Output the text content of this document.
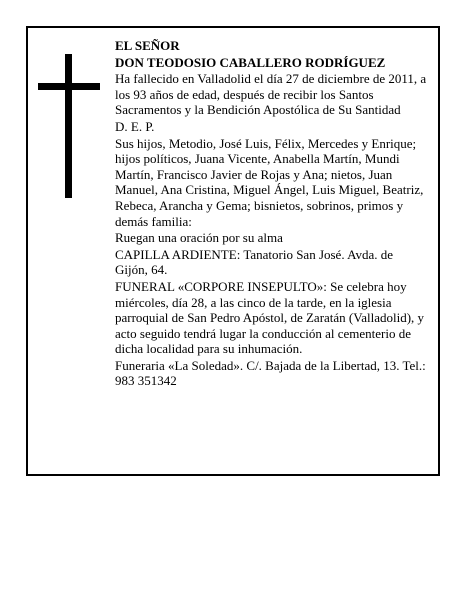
EL SEÑOR

DON TEODOSIO CABALLERO RODRÍGUEZ

Ha fallecido en Valladolid el día 27 de diciembre de 2011, a los 93 años de edad, después de recibir los Santos Sacramentos y la Bendición Apostólica de Su Santidad

D. E. P.

Sus hijos, Metodio, José Luis, Félix, Mercedes y Enrique; hijos políticos, Juana Vicente, Anabella Martín, Mundi Martín, Francisco Javier de Rojas y Ana; nietos, Juan Manuel, Ana Cristina, Miguel Ángel, Luis Miguel, Beatriz, Rebeca, Arancha y Gema; bisnietos, sobrinos, primos y demás familia:

Ruegan una oración por su alma

CAPILLA ARDIENTE: Tanatorio San José. Avda. de Gijón, 64.

FUNERAL «CORPORE INSEPULTO»: Se celebra hoy miércoles, día 28, a las cinco de la tarde, en la iglesia parroquial de San Pedro Apóstol, de Zaratán (Valladolid), y acto seguido tendrá lugar la conducción al cementerio de dicha localidad para su inhumación.

Funeraria «La Soledad». C/. Bajada de la Libertad, 13. Tel.: 983 351342
